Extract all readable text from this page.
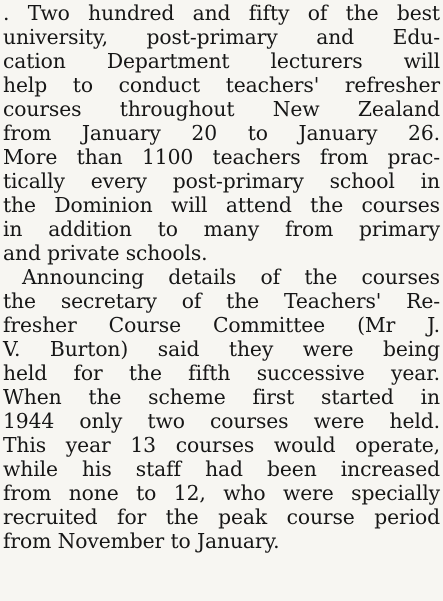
. Two hundred and fifty of the best
university, post-primary and Edu-
cation Department lecturers will
help to conduct teachers' refresher
courses throughout New Zealand
from January 20 to January 26.
More than 1100 teachers from prac-
tically every post-primary school in
the Dominion will attend the courses
in addition to many from primary
and private schools.
Announcing details of the courses
the secretary of the Teachers' Re-
fresher Course Committee (Mr J.
V. Burton) said they were being
held for the fifth successive year.
When the scheme first started in
1944 only two courses were held.
This year 13 courses would operate,
while his staff had been increased
from none to 12, who were specially
recruited for the peak course period
from November to January.
